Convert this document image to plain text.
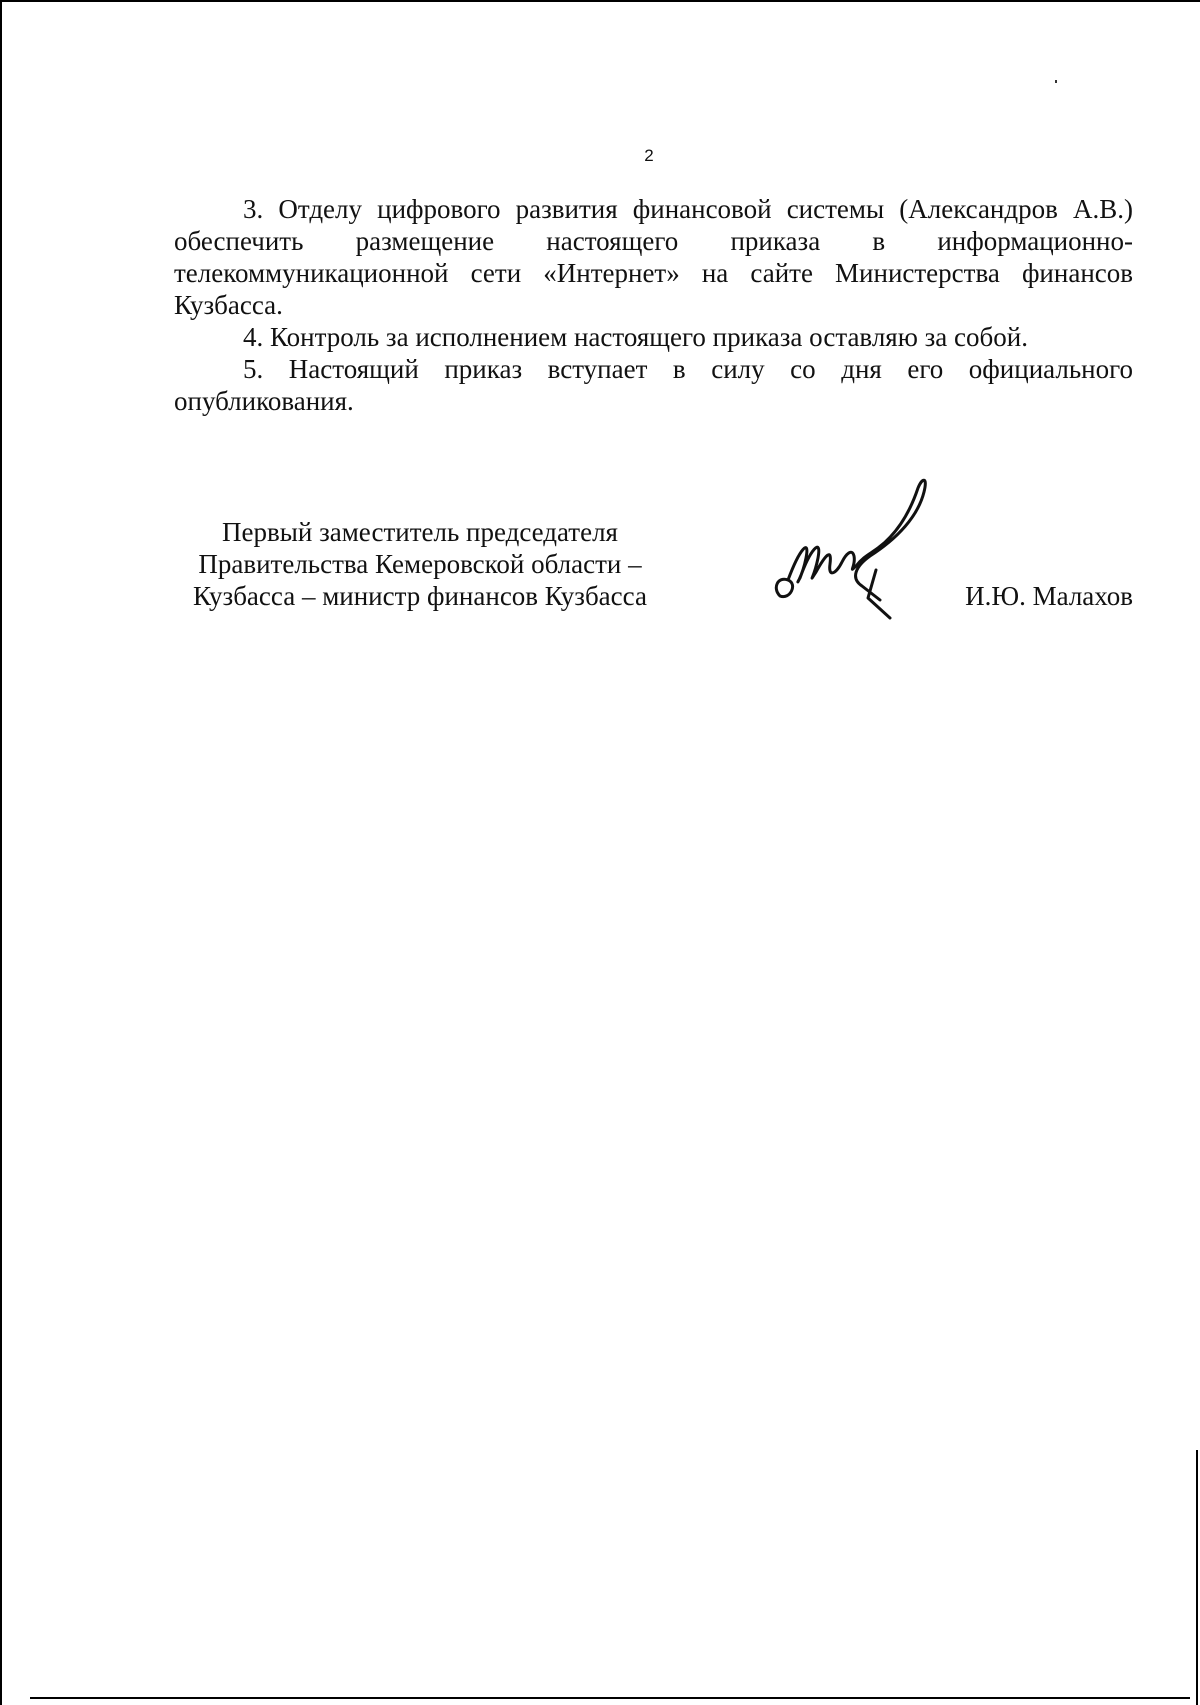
2

3. Отделу цифрового развития финансовой системы (Александров А.В.) обеспечить размещение настоящего приказа в информационно-телекоммуникационной сети «Интернет» на сайте Министерства финансов Кузбасса.

4. Контроль за исполнением настоящего приказа оставляю за собой.

5. Настоящий приказ вступает в силу со дня его официального опубликования.

Первый заместитель председателя
Правительства Кемеровской области –
Кузбасса – министр финансов Кузбасса	И.Ю. Малахов
